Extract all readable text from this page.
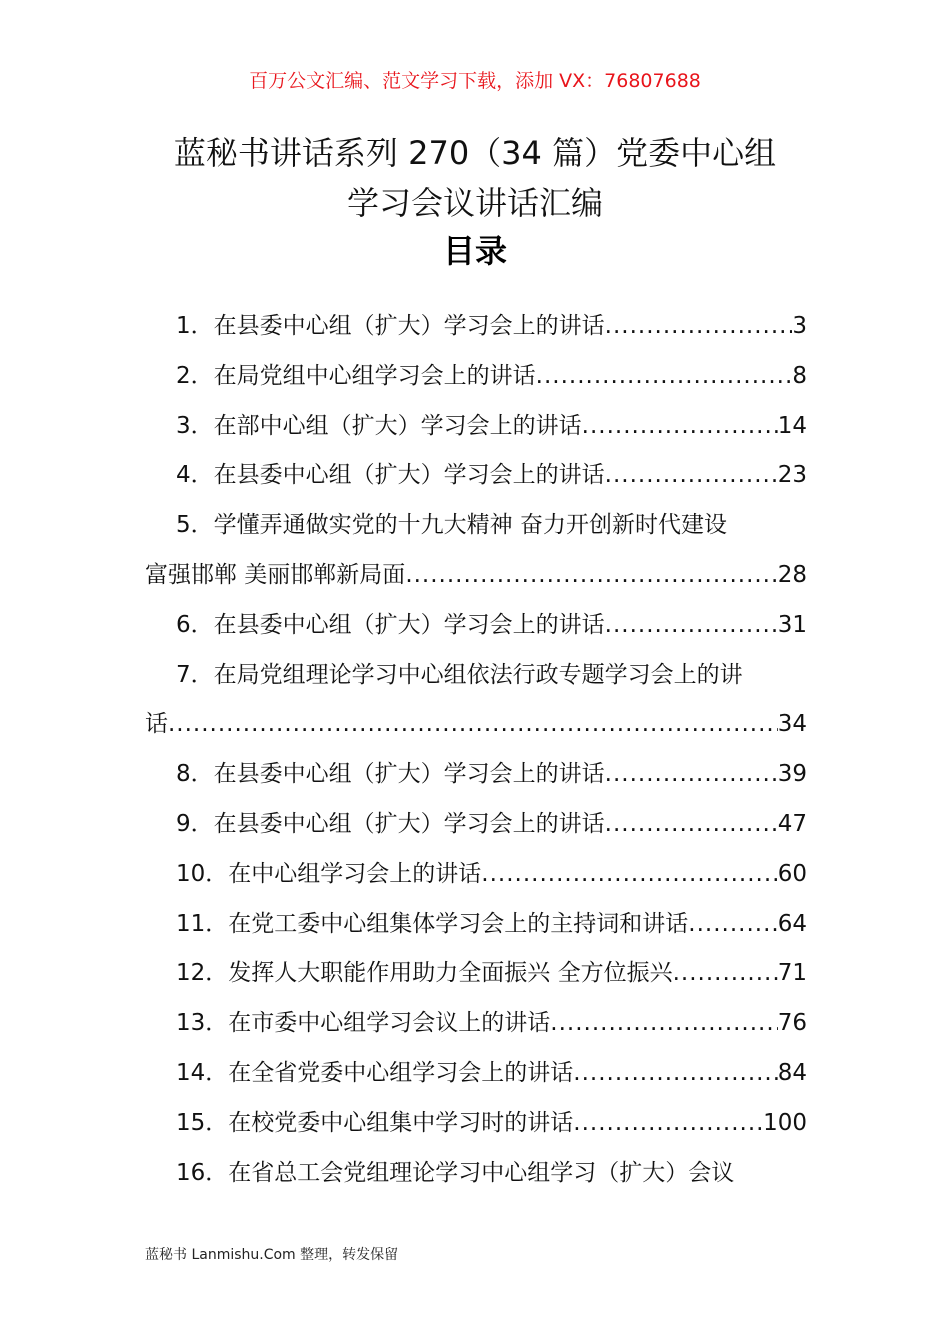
百万公文汇编、范文学习下载，添加 VX：76807688
蓝秘书讲话系列 270（34 篇）党委中心组
学习会议讲话汇编
目录
1．在县委中心组（扩大）学习会上的讲话 .....	3
2．在局党组中心组学习会上的讲话 .....	8
3．在部中心组（扩大）学习会上的讲话 .....	14
4．在县委中心组（扩大）学习会上的讲话 .....	23
5．学懂弄通做实党的十九大精神 奋力开创新时代建设
富强邯郸 美丽邯郸新局面 .....	28
6．在县委中心组（扩大）学习会上的讲话 .....	31
7．在局党组理论学习中心组依法行政专题学习会上的讲
话 .....	34
8．在县委中心组（扩大）学习会上的讲话 .....	39
9．在县委中心组（扩大）学习会上的讲话 .....	47
10．在中心组学习会上的讲话 .....	60
11．在党工委中心组集体学习会上的主持词和讲话 .....	64
12．发挥人大职能作用助力全面振兴 全方位振兴 .....	71
13．在市委中心组学习会议上的讲话 .....	76
14．在全省党委中心组学习会上的讲话 .....	84
15．在校党委中心组集中学习时的讲话 .....	100
16．在省总工会党组理论学习中心组学习（扩大）会议
蓝秘书 Lanmishu.Com 整理，转发保留
